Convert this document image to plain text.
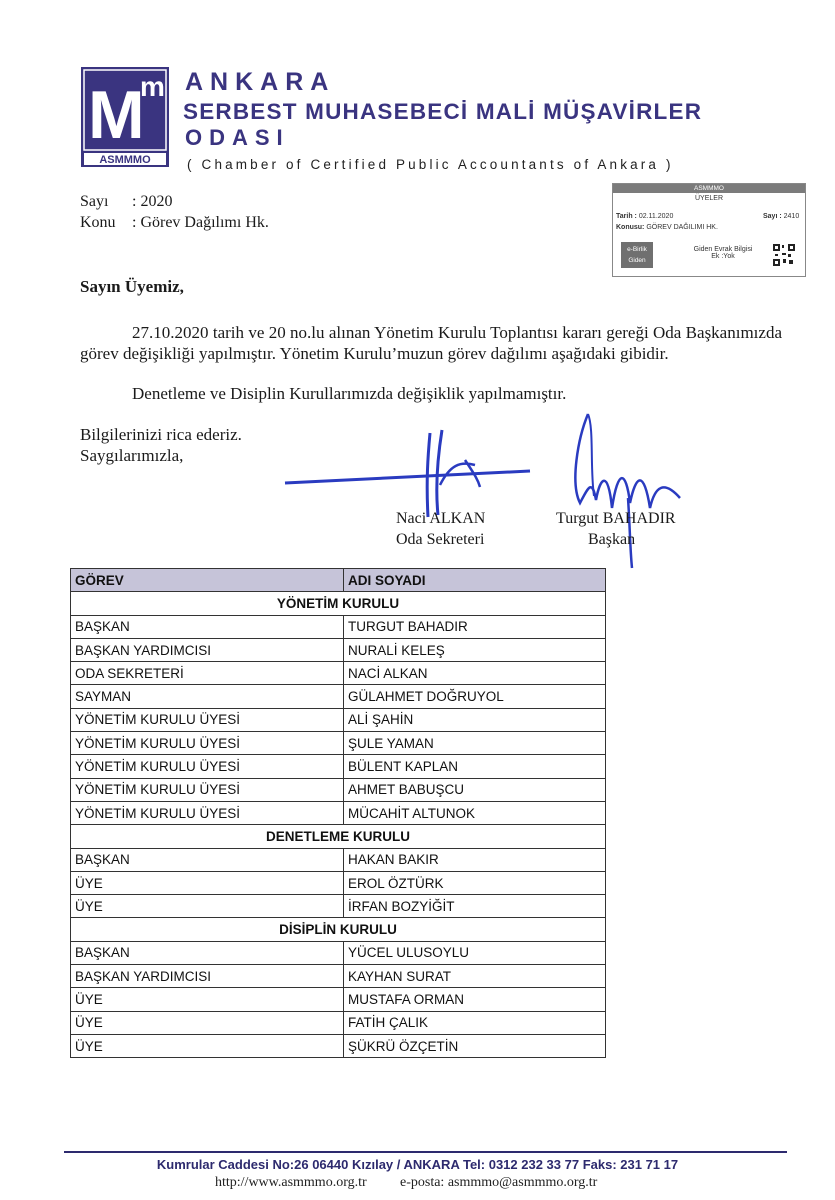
M
m
ASMMMO
ANKARA
SERBEST MUHASEBECİ MALİ MÜŞAVİRLER
ODASI
( Chamber of Certified Public Accountants of Ankara )
Sayı : 2020
Konu : Görev Dağılımı Hk.
ASMMMO
ÜYELER
Tarih : 02.11.2020	Sayı : 2410
Konusu: GÖREV DAĞILIMI HK.
e-Birlik
Giden
Giden Evrak Bilgisi
Ek :Yok
Sayın Üyemiz,
27.10.2020 tarih ve 20 no.lu alınan Yönetim Kurulu Toplantısı kararı gereği Oda Başkanımızda görev değişikliği yapılmıştır. Yönetim Kurulu’muzun görev dağılımı aşağıdaki gibidir.
Denetleme ve Disiplin Kurullarımızda değişiklik yapılmamıştır.
Bilgilerinizi rica ederiz.
Saygılarımızla,
Naci ALKAN
Oda Sekreteri
Turgut BAHADIR
Başkan
GÖREV	ADI SOYADI
YÖNETİM KURULU	
BAŞKAN	TURGUT BAHADIR
BAŞKAN YARDIMCISI	NURALİ KELEŞ
ODA SEKRETERİ	NACİ ALKAN
SAYMAN	GÜLAHMET DOĞRUYOL
YÖNETİM KURULU ÜYESİ	ALİ ŞAHİN
YÖNETİM KURULU ÜYESİ	ŞULE YAMAN
YÖNETİM KURULU ÜYESİ	BÜLENT KAPLAN
YÖNETİM KURULU ÜYESİ	AHMET BABUŞCU
YÖNETİM KURULU ÜYESİ	MÜCAHİT ALTUNOK
DENETLEME KURULU	
BAŞKAN	HAKAN BAKIR
ÜYE	EROL ÖZTÜRK
ÜYE	İRFAN BOZYİĞİT
DİSİPLİN KURULU	
BAŞKAN	YÜCEL ULUSOYLU
BAŞKAN YARDIMCISI	KAYHAN SURAT
ÜYE	MUSTAFA ORMAN
ÜYE	FATİH ÇALIK
ÜYE	ŞÜKRÜ ÖZÇETİN
Kumrular Caddesi No:26 06440 Kızılay / ANKARA Tel: 0312 232 33 77 Faks: 231 71 17
http://www.asmmmo.org.tr e-posta: asmmmo@asmmmo.org.tr
